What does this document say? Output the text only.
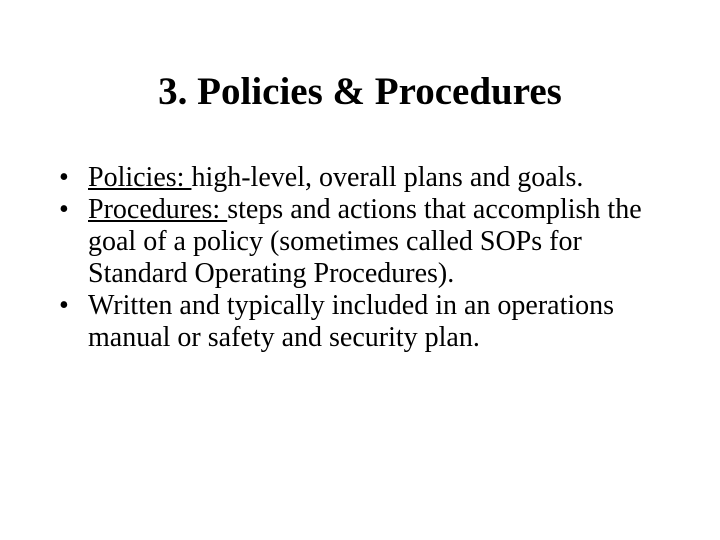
3. Policies & Procedures
• Policies: high-level, overall plans and goals.
• Procedures: steps and actions that accomplish the goal of a policy (sometimes called SOPs for Standard Operating Procedures).
• Written and typically included in an operations manual or safety and security plan.
